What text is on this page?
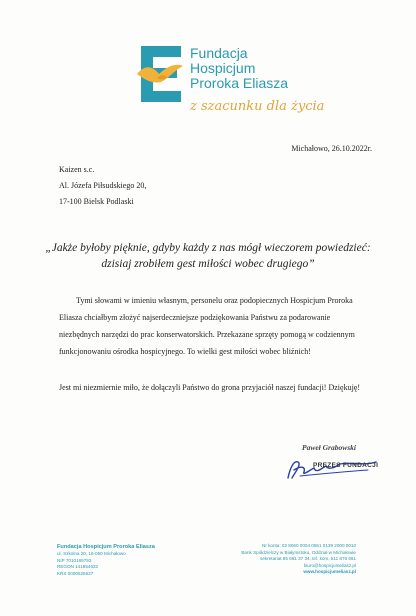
Fundacja
Hospicjum
Proroka Eliasza
z szacunku dla życia
Michałowo, 26.10.2022r.
Kaizen s.c.
Al. Józefa Piłsudskiego 20,
17-100 Bielsk Podlaski
„Jakże byłoby pięknie, gdyby każdy z nas mógł wieczorem powiedzieć:
dzisiaj zrobiłem gest miłości wobec drugiego”

Tymi słowami w imieniu własnym, personelu oraz podopiecznych Hospicjum Proroka

Eliasza chciałbym złożyć najserdeczniejsze podziękowania Państwu za podarowanie

niezbędnych narzędzi do prac konserwatorskich. Przekazane sprzęty pomogą w codziennym

funkcjonowaniu ośrodka hospicyjnego. To wielki gest miłości wobec bliźnich!

Jest mi niezmiernie miło, że dołączyli Państwo do grona przyjaciół naszej fundacji! Dziękuję!

Paweł Grabowski
PREZES FUNDACJI
Fundacja Hospicjum Proroka Eliasza
ul. Szkolna 20, 16-050 Michałowo
NIP 7010169793
REGON 141854632
KRS 0000526637
Nr konta: 02 8060 0004 0551 0139 2000 0010
Bank Spółdzielczy w Białymstoku, Oddział w Michałowie
sekretariat 85 661 37 34, tel. kom. 511 878 661
biuro@hospicjumeliasz.pl
www.hospicjumeliasz.pl
